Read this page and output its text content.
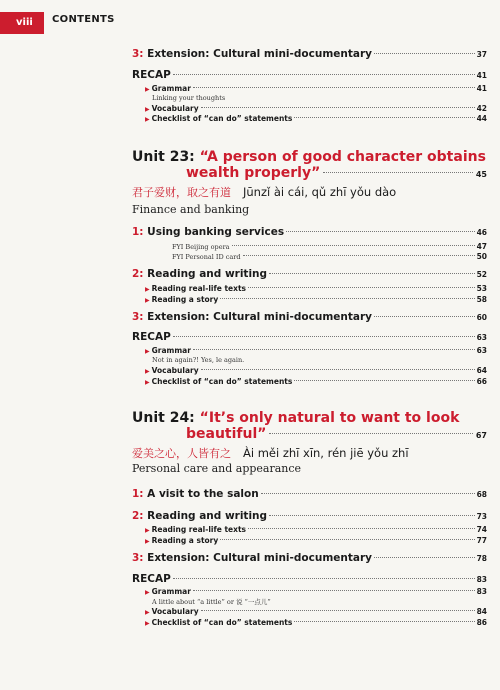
viii	CONTENTS
3: Extension: Cultural mini-documentary	37
RECAP	41
▶ Grammar	41
Linking your thoughts
▶ Vocabulary	42
▶ Checklist of “can do” statements	44
Unit 23: “A person of good character obtains
wealth properly”	45
君子爱财，取之有道 Jūnzǐ ài cái, qǔ zhī yǒu dào
Finance and banking
1: Using banking services	46
FYI Beijing opera	47
FYI Personal ID card	50
2: Reading and writing	52
▶ Reading real-life texts	53
▶ Reading a story	58
3: Extension: Cultural mini-documentary	60
RECAP	63
▶ Grammar	63
Not in again?! Yes, le again.
▶ Vocabulary	64
▶ Checklist of “can do” statements	66
Unit 24: “It’s only natural to want to look
beautiful”	67
爱美之心，人皆有之 Ài měi zhī xīn, rén jiē yǒu zhī
Personal care and appearance
1: A visit to the salon	68
2: Reading and writing	73
▶ Reading real-life texts	74
▶ Reading a story	77
3: Extension: Cultural mini-documentary	78
RECAP	83
▶ Grammar	83
A little about “a little” or 说 “一点儿”
▶ Vocabulary	84
▶ Checklist of “can do” statements	86
